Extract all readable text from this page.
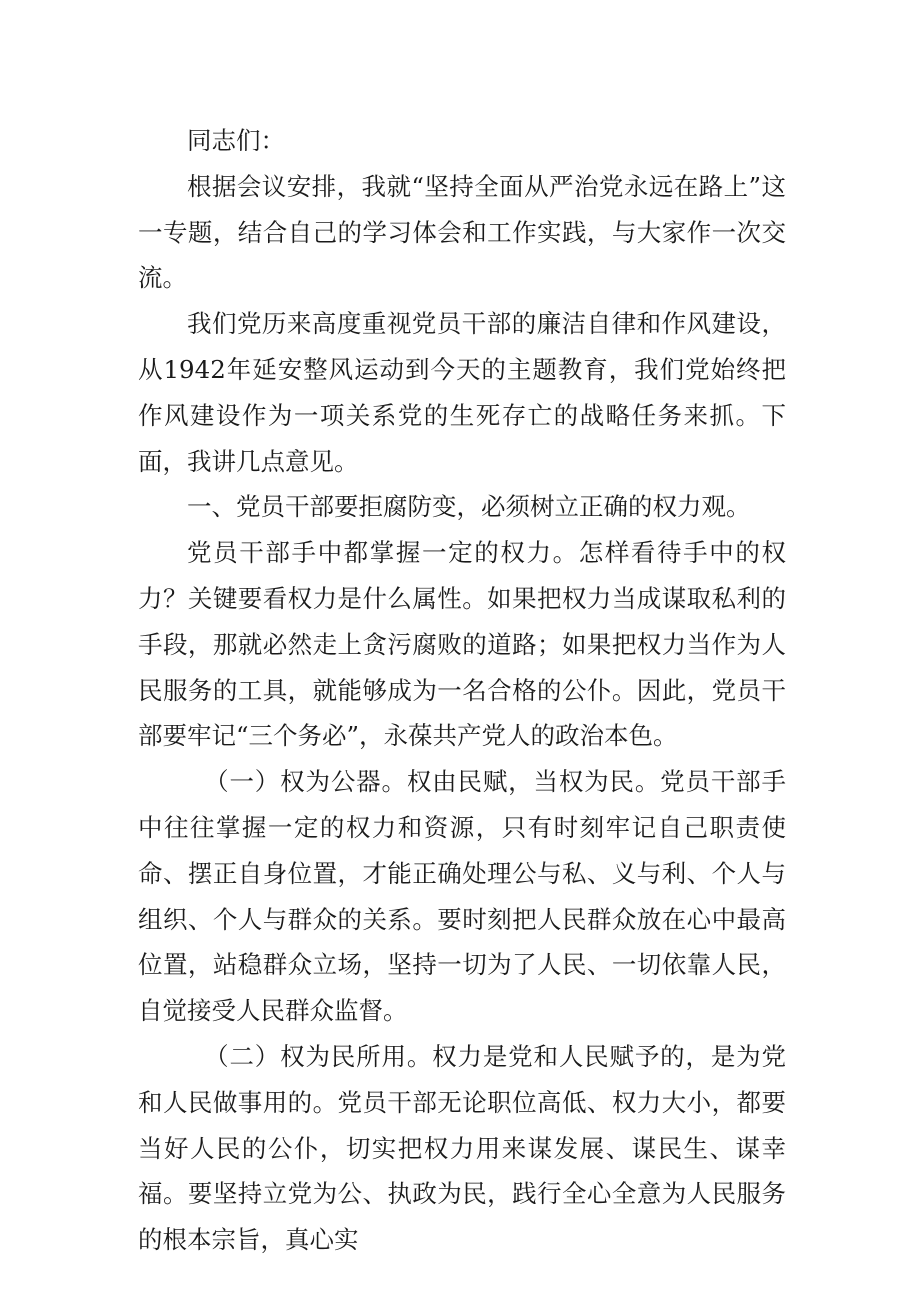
同志们：

根据会议安排，我就“坚持全面从严治党永远在路上”这一专题，结合自己的学习体会和工作实践，与大家作一次交流。

我们党历来高度重视党员干部的廉洁自律和作风建设，从1942年延安整风运动到今天的主题教育，我们党始终把作风建设作为一项关系党的生死存亡的战略任务来抓。下面，我讲几点意见。

一、党员干部要拒腐防变，必须树立正确的权力观。

党员干部手中都掌握一定的权力。怎样看待手中的权力？关键要看权力是什么属性。如果把权力当成谋取私利的手段，那就必然走上贪污腐败的道路；如果把权力当作为人民服务的工具，就能够成为一名合格的公仆。因此，党员干部要牢记“三个务必”，永葆共产党人的政治本色。

（一）权为公器。权由民赋，当权为民。党员干部手中往往掌握一定的权力和资源，只有时刻牢记自己职责使命、摆正自身位置，才能正确处理公与私、义与利、个人与组织、个人与群众的关系。要时刻把人民群众放在心中最高位置，站稳群众立场，坚持一切为了人民、一切依靠人民，自觉接受人民群众监督。

（二）权为民所用。权力是党和人民赋予的，是为党和人民做事用的。党员干部无论职位高低、权力大小，都要当好人民的公仆，切实把权力用来谋发展、谋民生、谋幸福。要坚持立党为公、执政为民，践行全心全意为人民服务的根本宗旨，真心实
